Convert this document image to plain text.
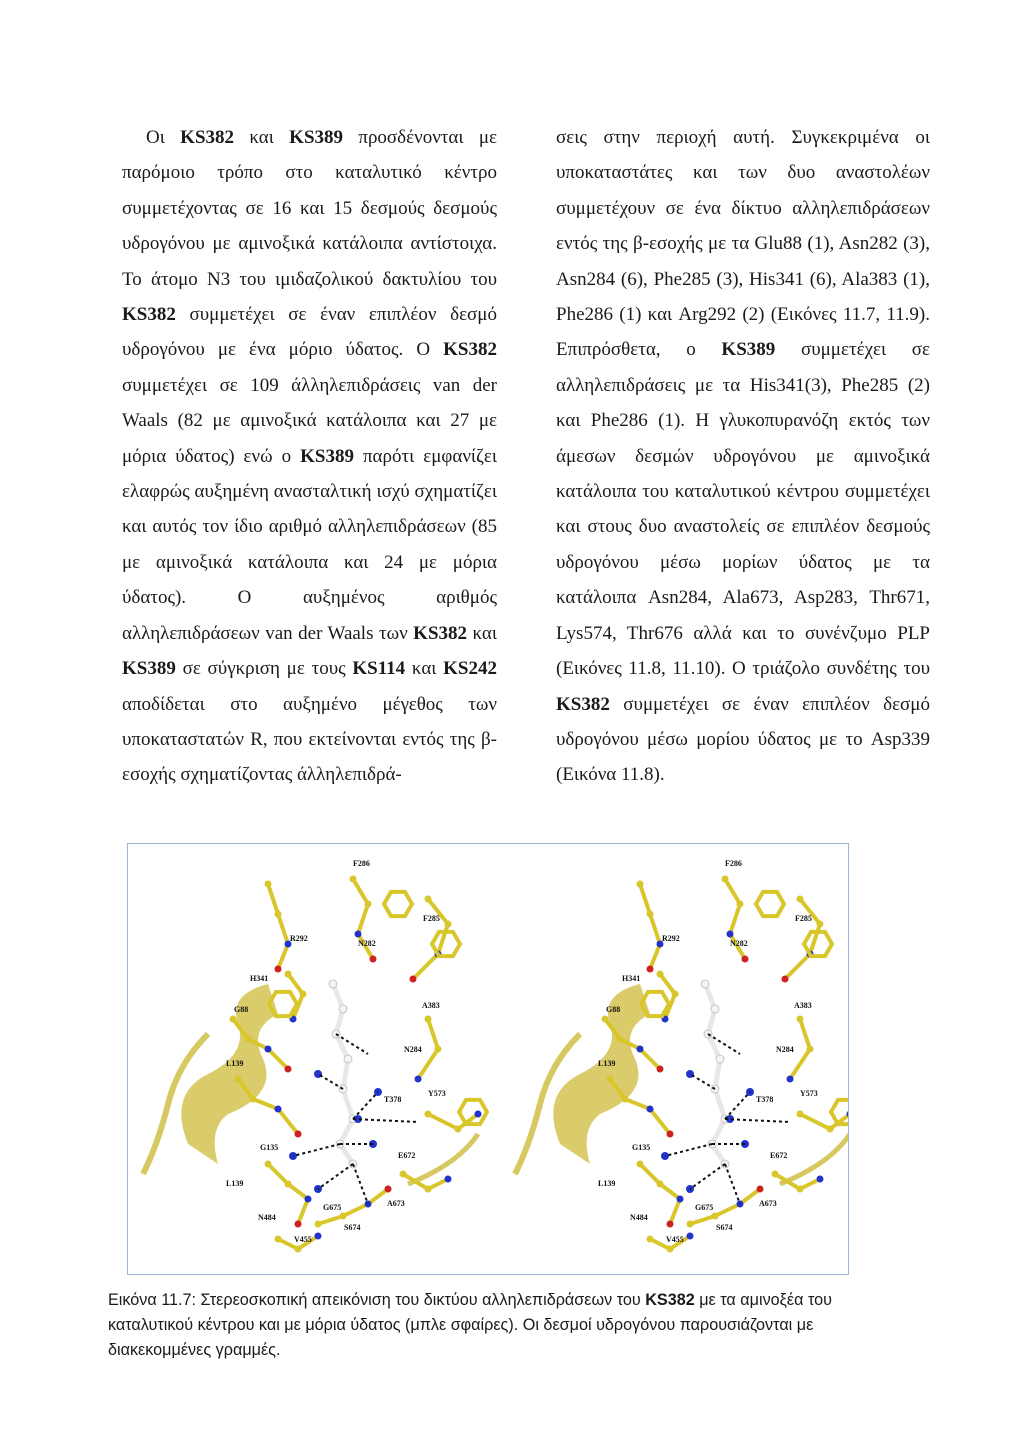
Οι KS382 και KS389 προσδένονται με παρόμοιο τρόπο στο καταλυτικό κέντρο συμμετέχοντας σε 16 και 15 δεσμούς δεσμούς υδρογόνου με αμινοξικά κατάλοιπα αντίστοιχα. Το άτομο Ν3 του ιμιδαζολικού δακτυλίου του KS382 συμμετέχει σε έναν επιπλέον δεσμό υδρογόνου με ένα μόριο ύδατος. Ο KS382 συμμετέχει σε 109 άλληλεπιδράσεις van der Waals (82 με αμινοξικά κατάλοιπα και 27 με μόρια ύδατος) ενώ ο KS389 παρότι εμφανίζει ελαφρώς αυξημένη ανασταλτική ισχύ σχηματίζει και αυτός τον ίδιο αριθμό αλληλεπιδράσεων (85 με αμινοξικά κατάλοιπα και 24 με μόρια ύδατος). Ο αυξημένος αριθμός αλληλεπιδράσεων van der Waals των KS382 και KS389 σε σύγκριση με τους KS114 και KS242 αποδίδεται στο αυξημένο μέγεθος των υποκαταστατών R, που εκτείνονται εντός της β- εσοχής σχηματίζοντας άλληλεπιδρά-

σεις στην περιοχή αυτή. Συγκεκριμένα οι υποκαταστάτες και των δυο αναστολέων συμμετέχουν σε ένα δίκτυο αλληλεπιδράσεων εντός της β-εσοχής με τα Glu88 (1), Asn282 (3), Asn284 (6), Phe285 (3), His341 (6), Ala383 (1), Phe286 (1) και Arg292 (2) (Εικόνες 11.7, 11.9). Επιπρόσθετα, ο KS389 συμμετέχει σε αλληλεπιδράσεις με τα His341(3), Phe285 (2) και Phe286 (1). Η γλυκοπυρανόζη εκτός των άμεσων δεσμών υδρογόνου με αμινοξικά κατάλοιπα του καταλυτικού κέντρου συμμετέχει και στους δυο αναστολείς σε επιπλέον δεσμούς υδρογόνου μέσω μορίων ύδατος με τα κατάλοιπα Asn284, Ala673, Asp283, Thr671, Lys574, Thr676 αλλά και το συνένζυμο PLP (Εικόνες 11.8, 11.10). Ο τριάζολο συνδέτης του KS382 συμμετέχει σε έναν επιπλέον δεσμό υδρογόνου μέσω μορίου ύδατος με το Asp339 (Εικόνα 11.8).

F286
F285
R292
N282
H341
A383
G88
N284
L139
Y573
T378
G135
E672
L139
A673
N484
G675
S674
V455
F286
F285
R292
N282
H341
A383
G88
N284
L139
Y573
T378
G135
E672
L139
A673
N484
G675
S674
V455
Εικόνα 11.7: Στερεοσκοπική απεικόνιση του δικτύου αλληλεπιδράσεων του KS382 με τα αμινοξέα του καταλυτικού κέντρου και με μόρια ύδατος (μπλε σφαίρες). Οι δεσμοί υδρογόνου παρουσιάζονται με διακεκομμένες γραμμές.
